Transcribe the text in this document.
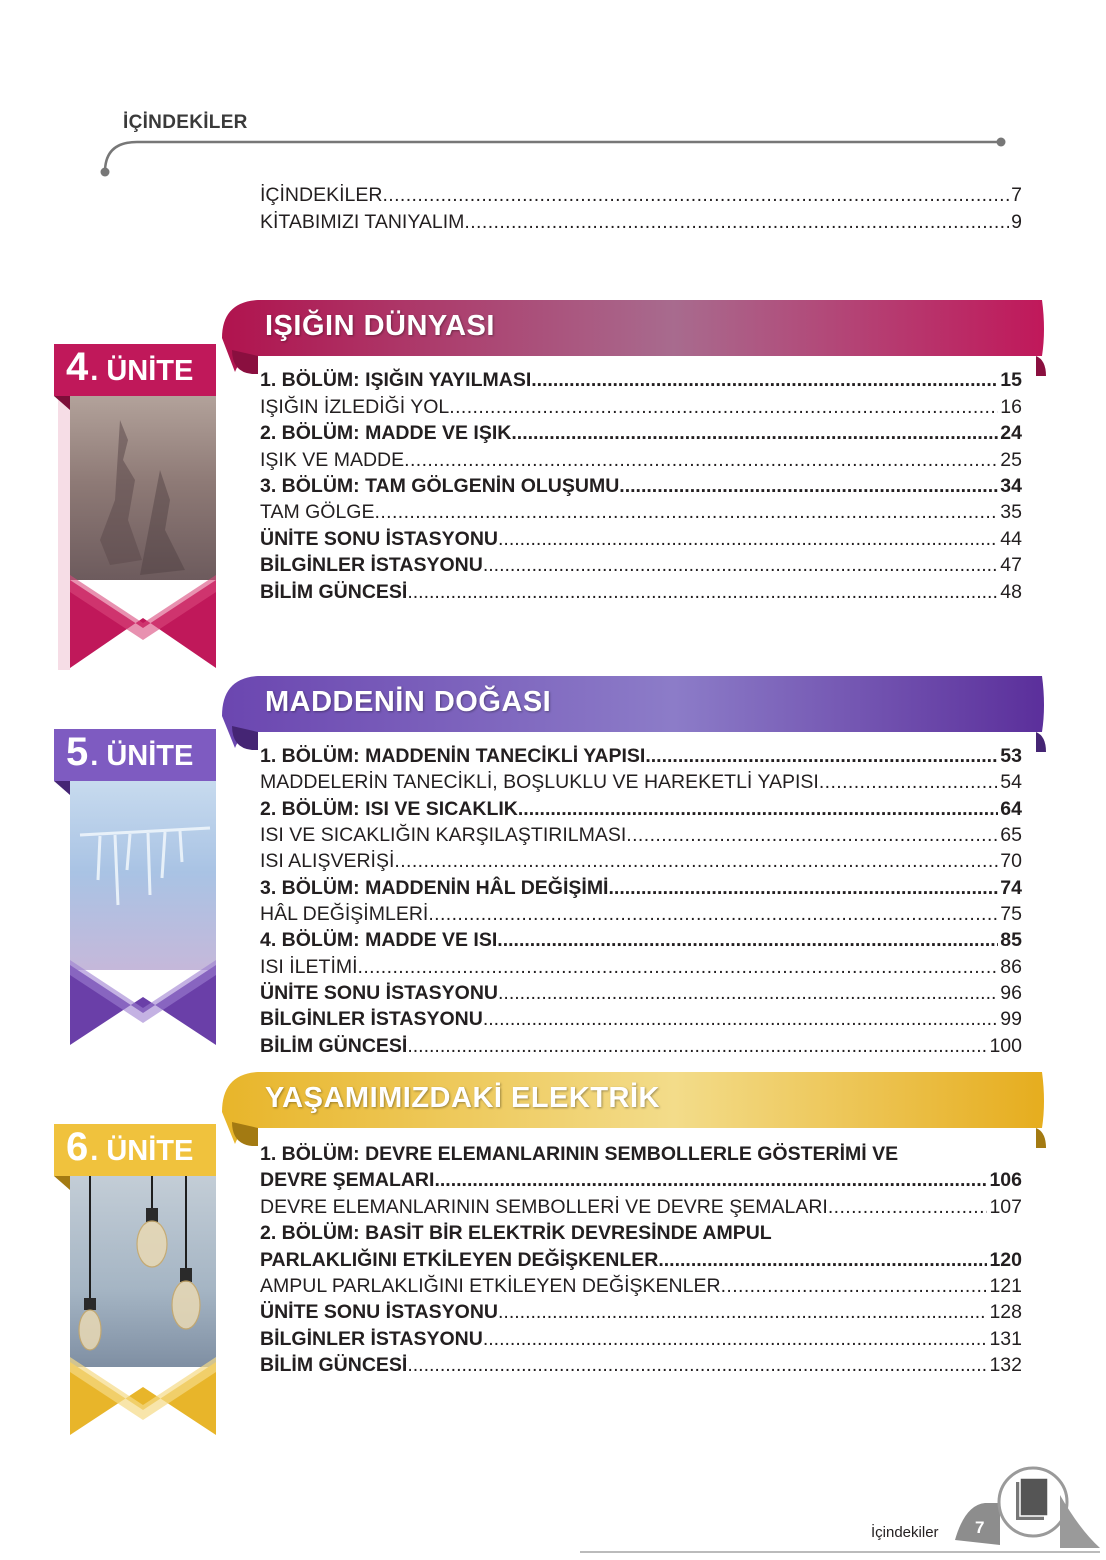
İÇİNDEKİLER
İÇİNDEKİLER .....	7
KİTABIMIZI TANIYALIM .....	9
4 . ÜNİTE
IŞIĞIN DÜNYASI
5 . ÜNİTE
MADDENİN DOĞASI
6 . ÜNİTE
YAŞAMIMIZDAKİ ELEKTRİK
1. BÖLÜM: IŞIĞIN YAYILMASI .....	15
IŞIĞIN İZLEDİĞİ YOL .....	16
2. BÖLÜM: MADDE VE IŞIK .....	24
IŞIK VE MADDE .....	25
3. BÖLÜM: TAM GÖLGENİN OLUŞUMU .....	34
TAM GÖLGE .....	35
ÜNİTE SONU İSTASYONU .....	44
BİLGİNLER İSTASYONU .....	47
BİLİM GÜNCESİ .....	48
1. BÖLÜM: MADDENİN TANECİKLİ YAPISI .....	53
MADDELERİN TANECİKLİ, BOŞLUKLU VE HAREKETLİ YAPISI .....	54
2. BÖLÜM: ISI VE SICAKLIK .....	64
ISI VE SICAKLIĞIN KARŞILAŞTIRILMASI .....	65
ISI ALIŞVERİŞİ .....	70
3. BÖLÜM: MADDENİN HÂL DEĞİŞİMİ .....	74
HÂL DEĞİŞİMLERİ .....	75
4. BÖLÜM: MADDE VE ISI .....	85
ISI İLETİMİ .....	86
ÜNİTE SONU İSTASYONU .....	96
BİLGİNLER İSTASYONU .....	99
BİLİM GÜNCESİ .....	100
1. BÖLÜM: DEVRE ELEMANLARININ SEMBOLLERLE GÖSTERİMİ VE
DEVRE ŞEMALARI .....	106
DEVRE ELEMANLARININ SEMBOLLERİ VE DEVRE ŞEMALARI .....	107
2. BÖLÜM: BASİT BİR ELEKTRİK DEVRESİNDE AMPUL
PARLAKLIĞINI ETKİLEYEN DEĞİŞKENLER .....	120
AMPUL PARLAKLIĞINI ETKİLEYEN DEĞİŞKENLER .....	121
ÜNİTE SONU İSTASYONU .....	128
BİLGİNLER İSTASYONU .....	131
BİLİM GÜNCESİ .....	132
İçindekiler 7
